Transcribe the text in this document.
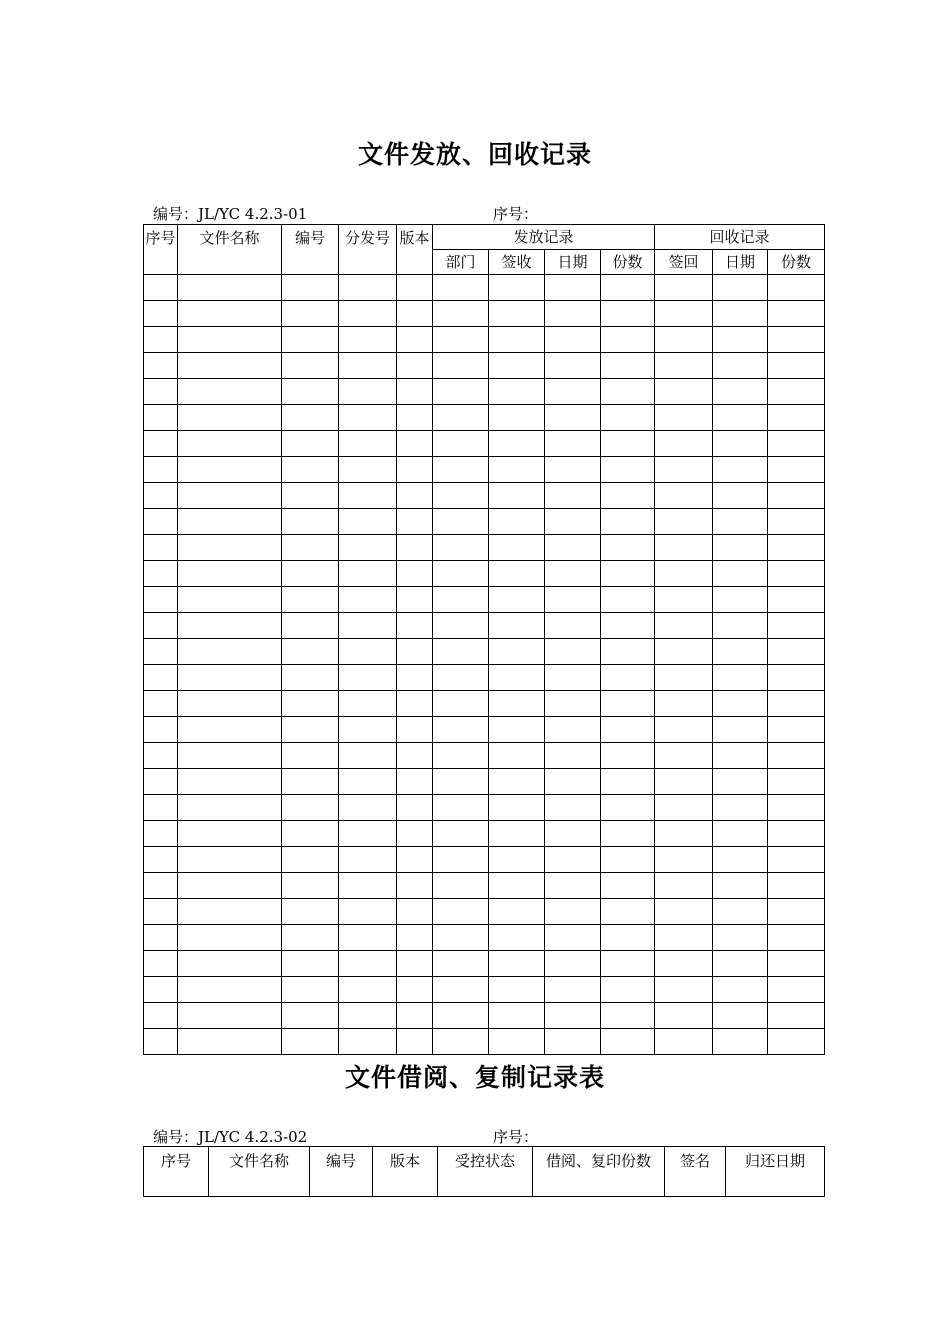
文件发放、回收记录
编号：JL/YC 4.2.3-01	序号：
序号	文件名称	编号	分发号	版本	发放记录				回收记录		
					部门	签收	日期	份数	签回	日期	份数

文件借阅、复制记录表
编号：JL/YC 4.2.3-02	序号：
序号	文件名称	编号	版本	受控状态	借阅、复印份数	签名	归还日期
